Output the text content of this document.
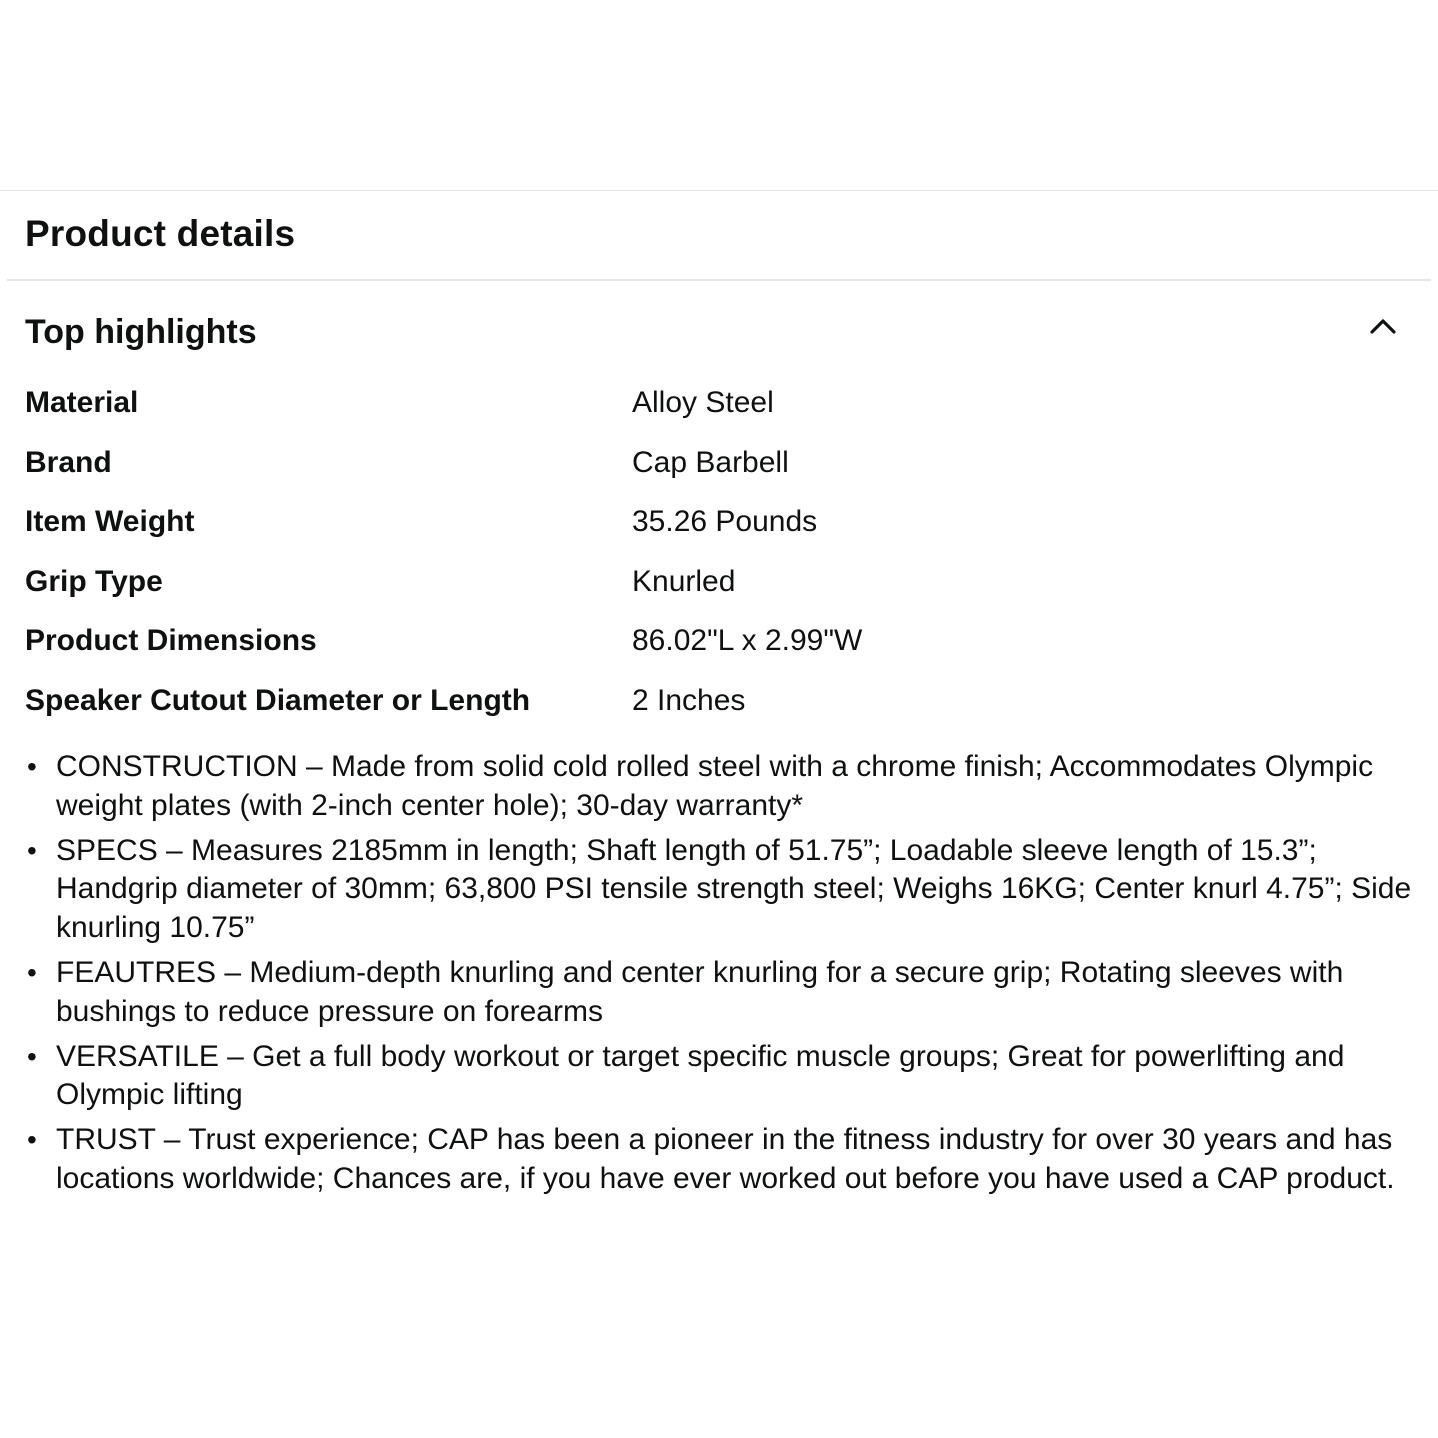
Product details
Top highlights
Material	Alloy Steel
Brand	Cap Barbell
Item Weight	35.26 Pounds
Grip Type	Knurled
Product Dimensions	86.02"L x 2.99"W
Speaker Cutout Diameter or Length	2 Inches
• CONSTRUCTION – Made from solid cold rolled steel with a chrome finish; Accommodates Olympic weight plates (with 2-inch center hole); 30-day warranty*
• SPECS – Measures 2185mm in length; Shaft length of 51.75”; Loadable sleeve length of 15.3”; Handgrip diameter of 30mm; 63,800 PSI tensile strength steel; Weighs 16KG; Center knurl 4.75”; Side knurling 10.75”
• FEAUTRES – Medium-depth knurling and center knurling for a secure grip; Rotating sleeves with bushings to reduce pressure on forearms
• VERSATILE – Get a full body workout or target specific muscle groups; Great for powerlifting and Olympic lifting
• TRUST – Trust experience; CAP has been a pioneer in the fitness industry for over 30 years and has locations worldwide; Chances are, if you have ever worked out before you have used a CAP product.
